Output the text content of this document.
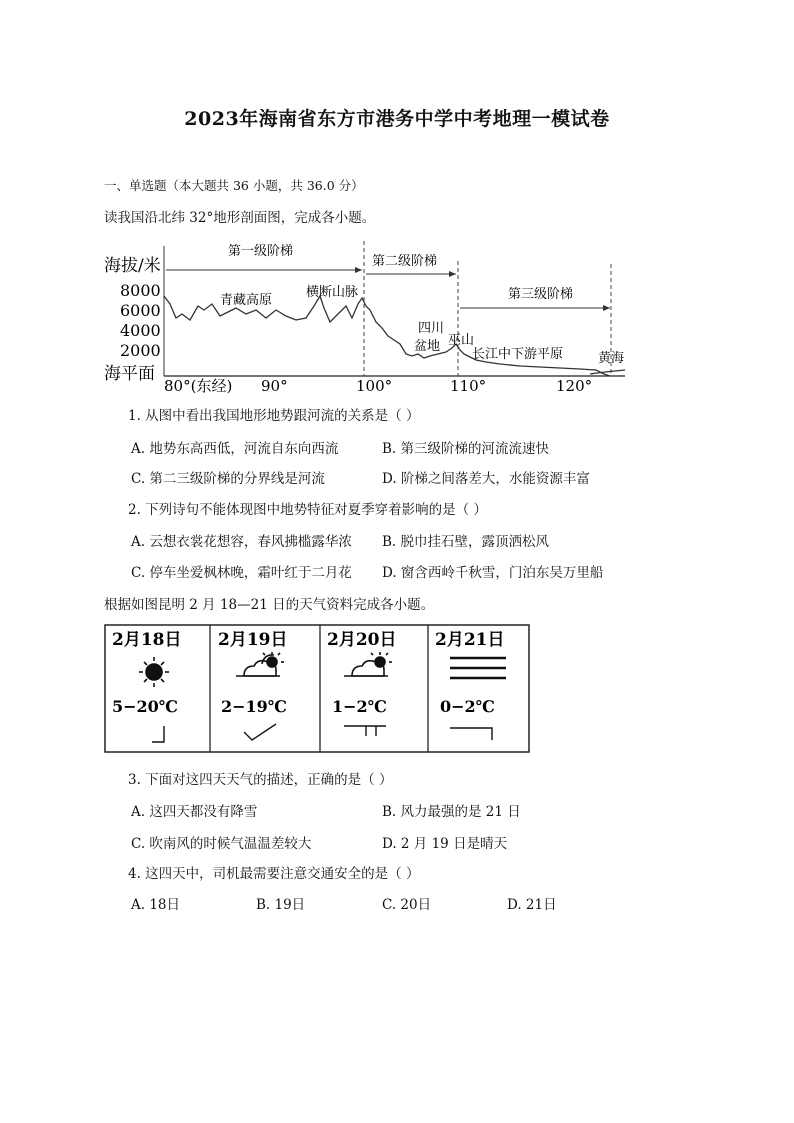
2023年海南省东方市港务中学中考地理一模试卷
一、单选题（本大题共 36 小题，共 36.0 分）
读我国沿北纬 32°地形剖面图，完成各小题。
海拔/米
8000
6000
4000
2000
海平面
第一级阶梯
第二级阶梯
第三级阶梯
青藏高原
横断山脉
四川
盆地 巫山
长江中下游平原	黄海
80°(东经) 90°	100°	110°	120°
1. 从图中看出我国地形地势跟河流的关系是（ ）
A. 地势东高西低，河流自东向西流	B. 第三级阶梯的河流流速快
C. 第二三级阶梯的分界线是河流	D. 阶梯之间落差大，水能资源丰富
2. 下列诗句不能体现图中地势特征对夏季穿着影响的是（ ）
A. 云想衣裳花想容，春风拂槛露华浓 B. 脱巾挂石壁，露顶洒松风
C. 停车坐爱枫林晚，霜叶红于二月花 D. 窗含西岭千秋雪，门泊东吴万里船
根据如图昆明 2 月 18—21 日的天气资料完成各小题。
2月18日 2月19日 2月20日 2月21日
5−20℃	2−19℃	1−2℃	0−2℃
3. 下面对这四天天气的描述，正确的是（ ）
A. 这四天都没有降雪	B. 风力最强的是 21 日
C. 吹南风的时候气温温差较大	D. 2 月 19 日是晴天
4. 这四天中，司机最需要注意交通安全的是（ ）
A. 18日	B. 19日	C. 20日	D. 21日
